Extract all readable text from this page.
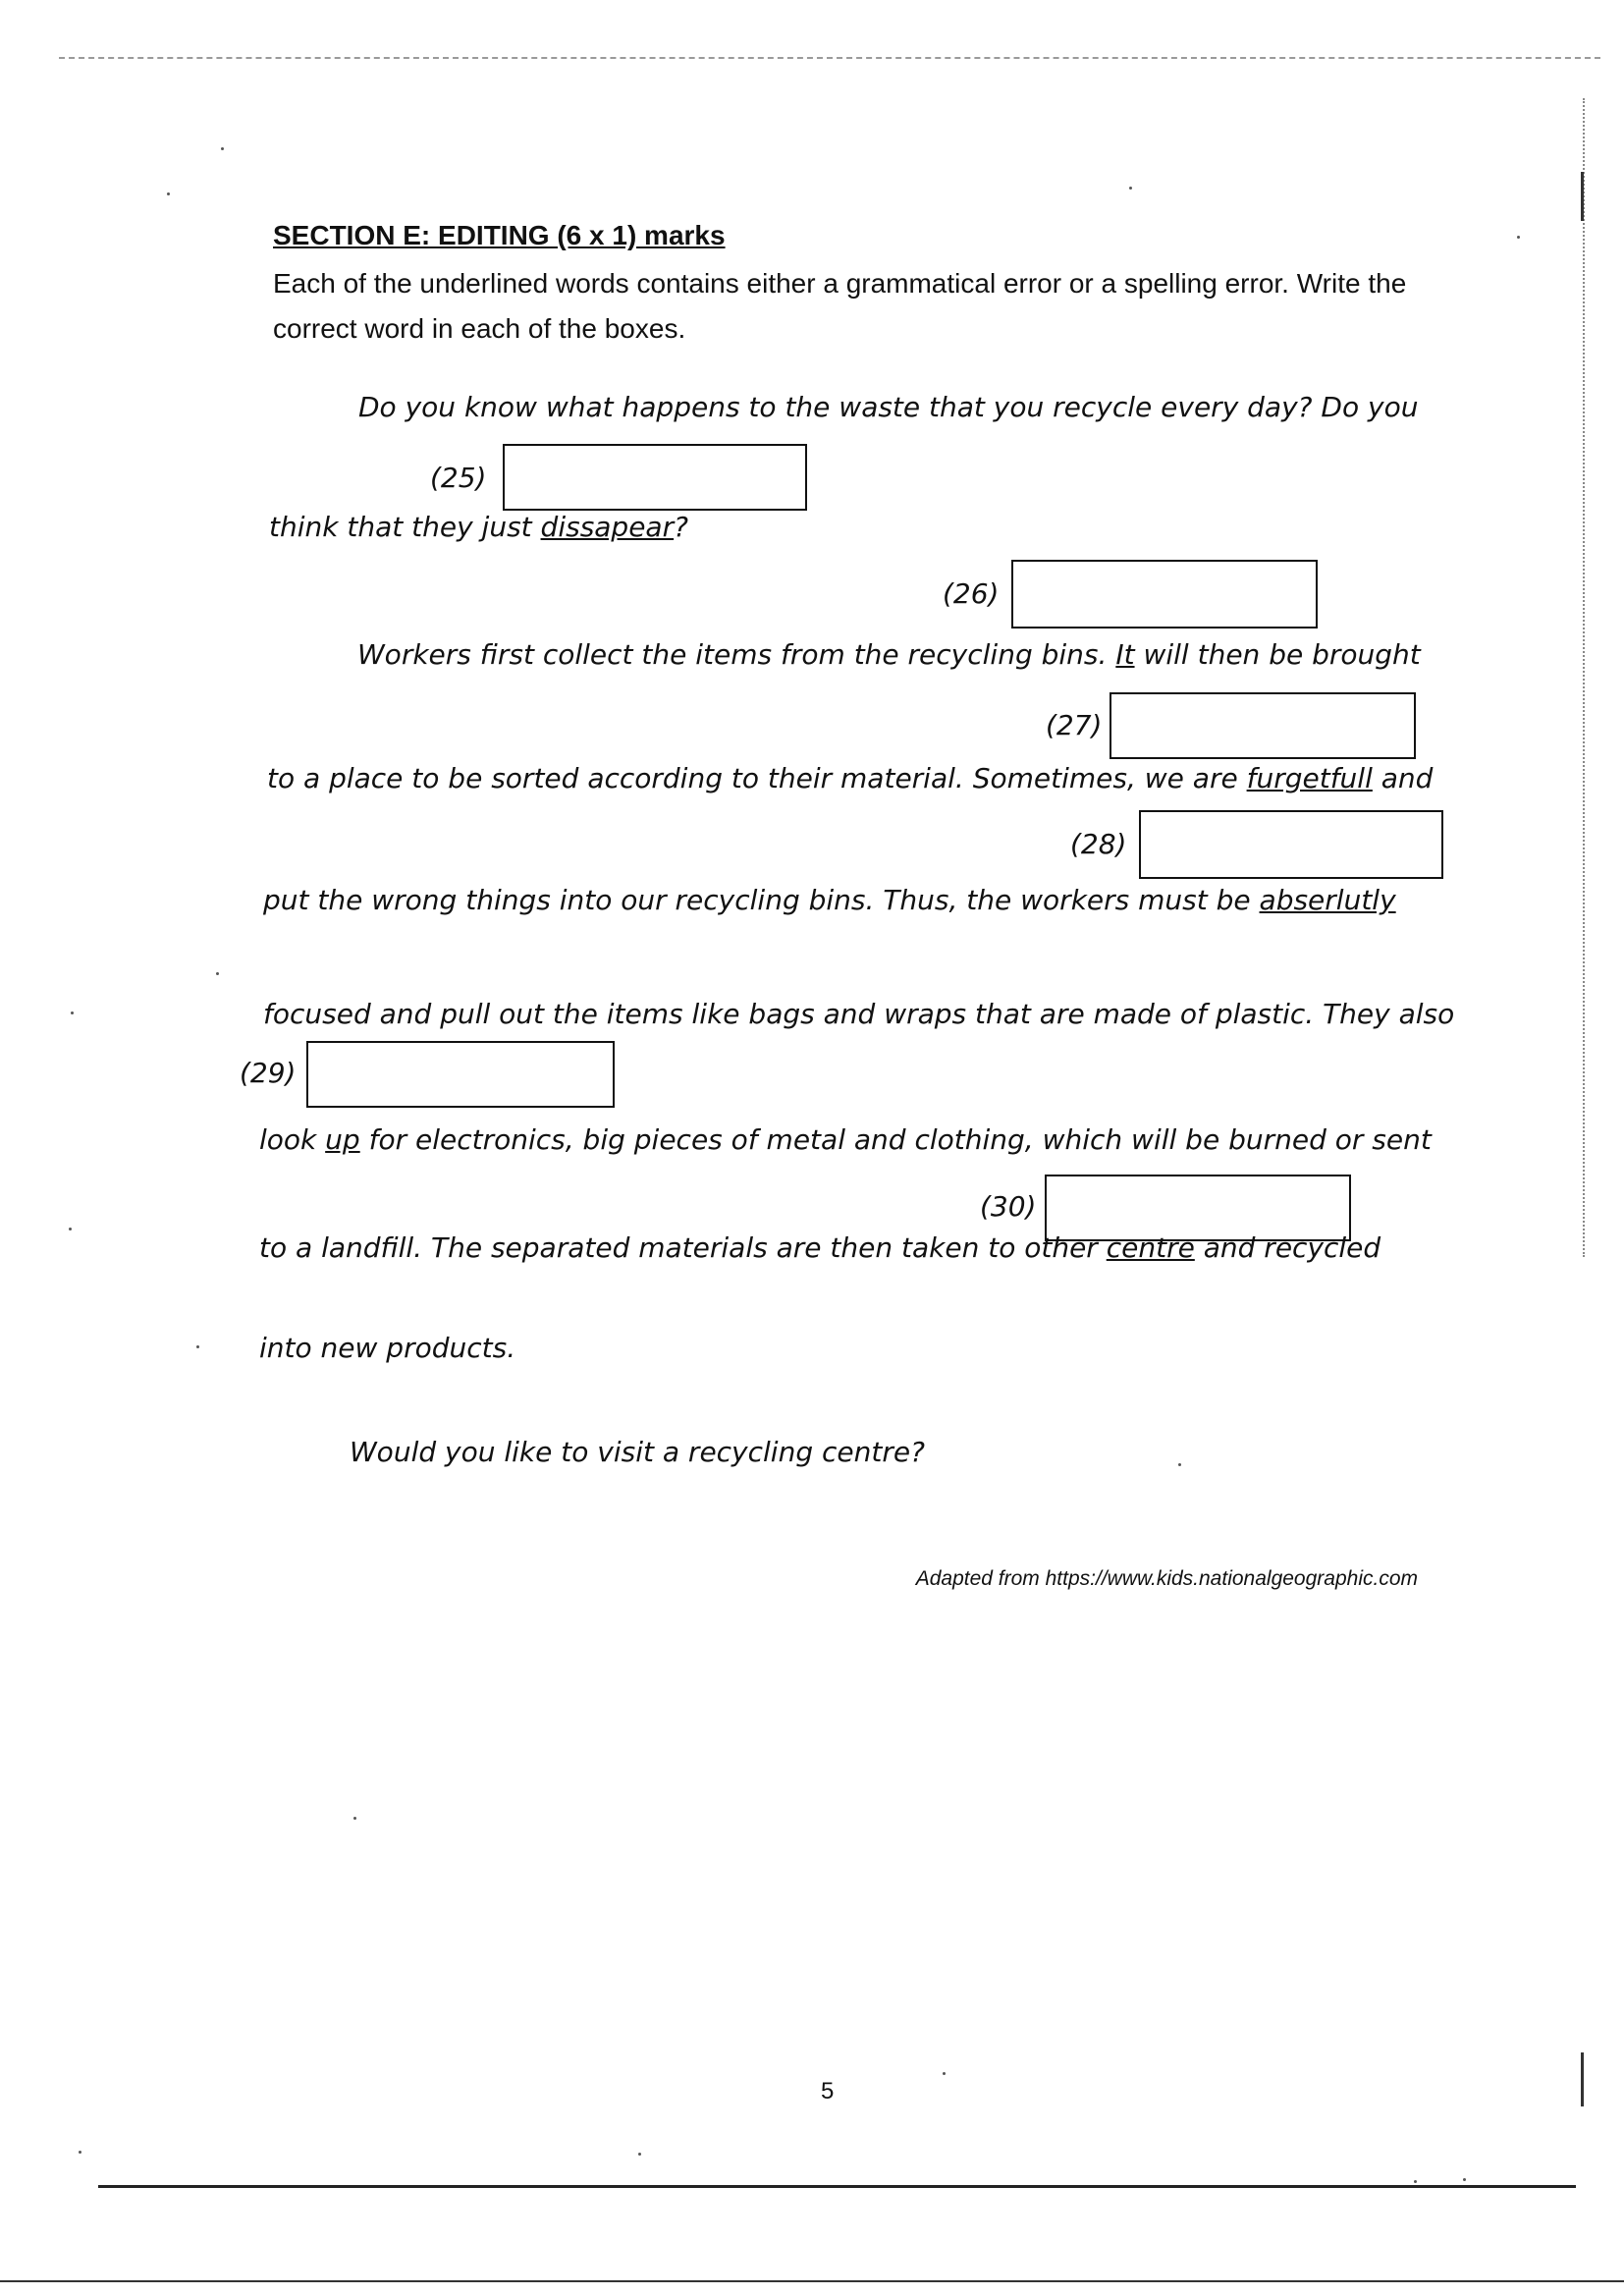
SECTION E: EDITING (6 x 1) marks
Each of the underlined words contains either a grammatical error or a spelling error. Write the correct word in each of the boxes.
Do you know what happens to the waste that you recycle every day? Do you
(25)
think that they just dissapear?
(26)
Workers first collect the items from the recycling bins. It will then be brought
(27)
to a place to be sorted according to their material. Sometimes, we are furgetfull and
(28)
put the wrong things into our recycling bins. Thus, the workers must be abserlutly
focused and pull out the items like bags and wraps that are made of plastic. They also
(29)
look up for electronics, big pieces of metal and clothing, which will be burned or sent
(30)
to a landfill. The separated materials are then taken to other centre and recycled
into new products.
Would you like to visit a recycling centre?
Adapted from https://www.kids.nationalgeographic.com
5
